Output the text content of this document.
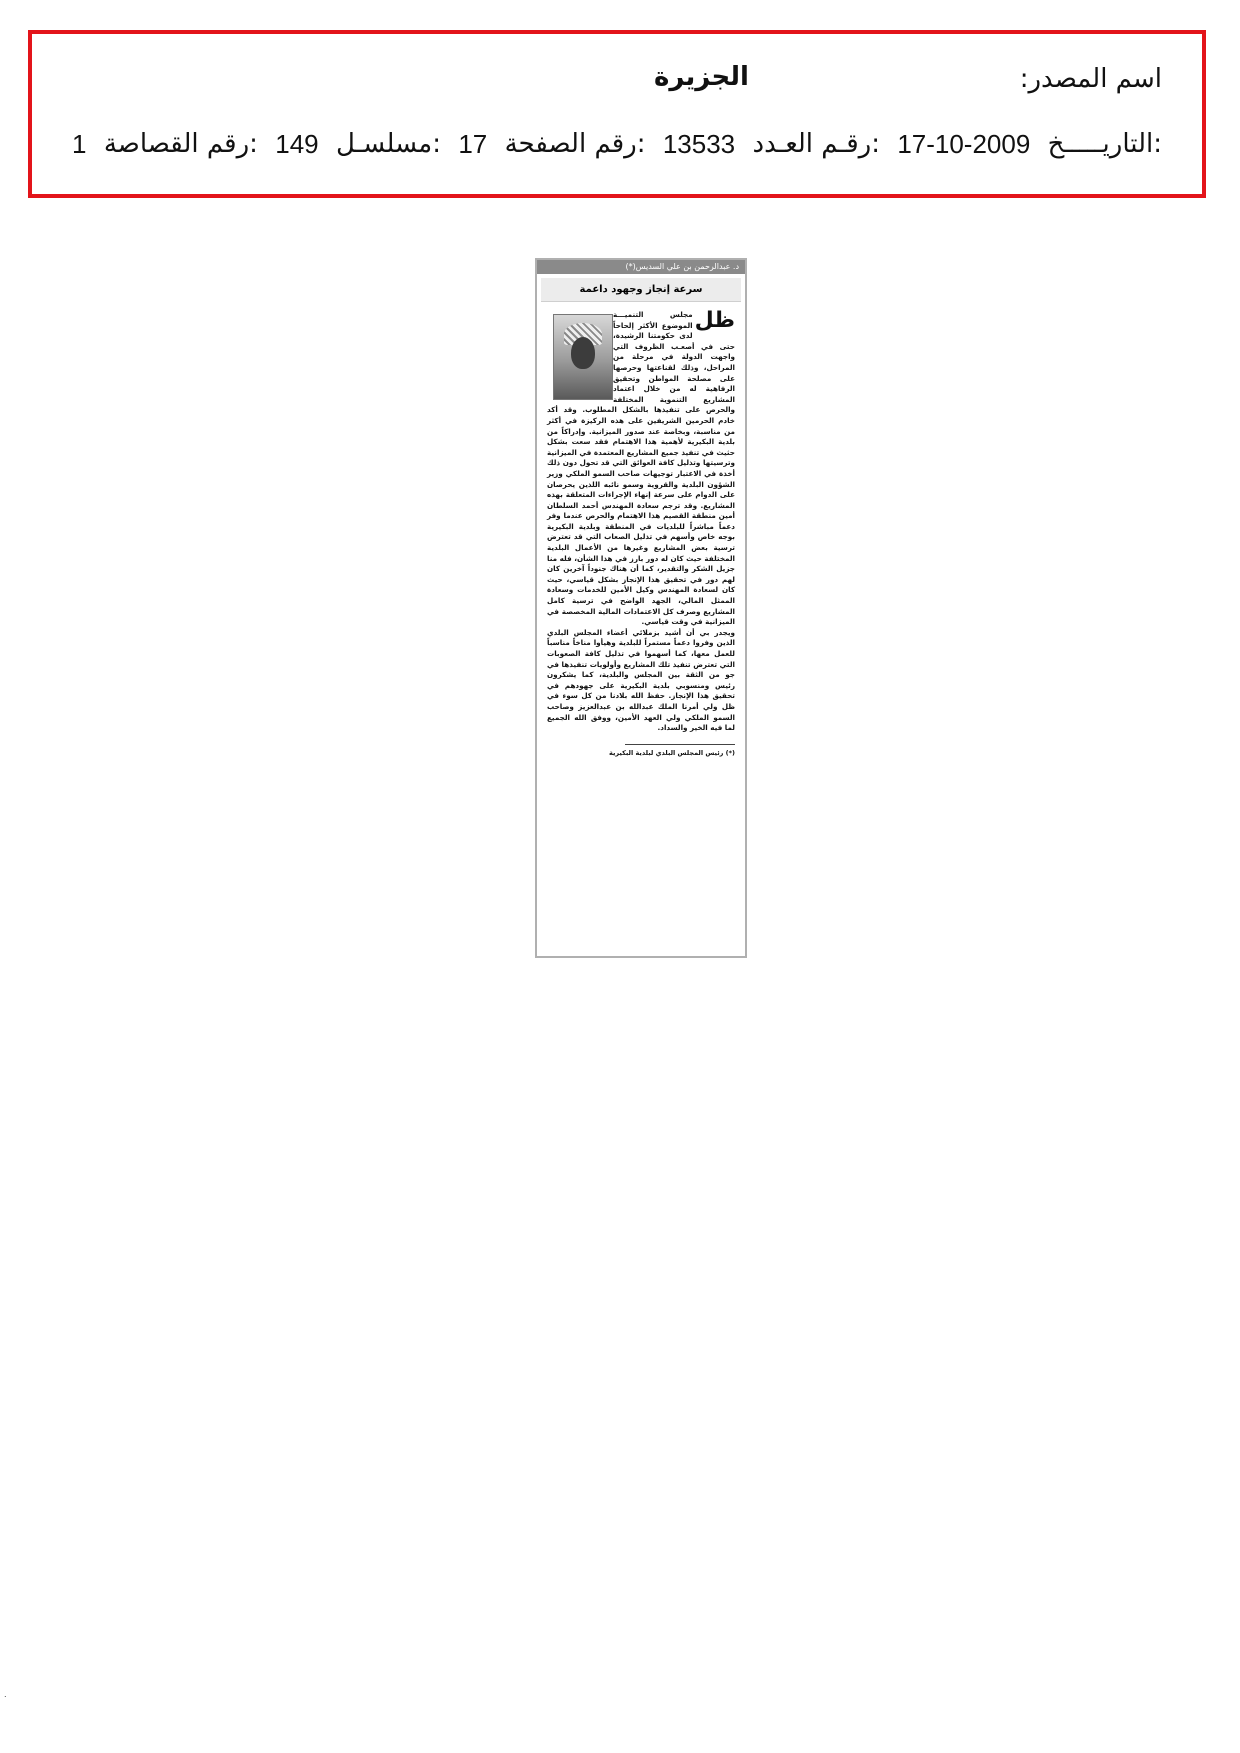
اسم المصدر:
الجزيرة
التاريـــــخ:
17-10-2009
رقـم العـدد:
13533
رقم الصفحة:
17
مسلسـل:
149
رقم القصاصة:
1
د. عبدالرحمن بن علي السديس(*)
سرعة إنجاز وجهود داعمة
ظل

مجلس التنميـــة الموضوع الأكثر إلحاحاً لدى حكومتنا الرشيدة، حتى في أصعـب الظروف التي واجهت الدولة في مرحلة من المراحل، وذلك لقناعتها وحرصها على مصلحة المواطن وتحقيق الرفاهية له من خلال اعتماد المشاريع التنموية المختلفة والحرص على تنفيذها بالشكل المطلوب. وقد أكد خادم الحرمين الشريفين على هذه الركيزة في أكثر من مناسبة، وبخاصة عند صدور الميزانية. وإدراكاً من بلدية البكيرية لأهمية هذا الاهتمام فقد سعت بشكل حثيث في تنفيذ جميع المشاريع المعتمدة في الميزانية وترسيتها وتذليل كافة العوائق التي قد تحول دون ذلك أخذة في الاعتبار توجيهات صاحب السمو الملكي وزير الشؤون البلدية والقروية وسمو نائبه اللذين يحرصان على الدوام على سرعة إنهاء الإجراءات المتعلقة بهذه المشاريع. وقد ترجم سعادة المهندس أحمد السلطان أمين منطقة القصيم هذا الاهتمام والحرص عندما وفر دعماً مباشراً للبلديات في المنطقة وبلدية البكيرية بوجه خاص وأسهم في تذليل الصعاب التي قد تعترض ترسية بعض المشاريع وغيرها من الأعمال البلدية المختلفة حيث كان له دور بارز في هذا الشأن، فله منا جزيل الشكر والتقدير، كما أن هناك جنوداً آخرين كان لهم دور في تحقيق هذا الإنجاز بشكل قياسي، حيث كان لسعادة المهندس وكيل الأمين للخدمات وسعادة الممثل المالي، الجهد الواضح في ترسية كامل المشاريع وصرف كل الاعتمادات المالية المخصصة في الميزانية في وقت قياسي.

ويجدر بي أن أشيد بزملائي أعضاء المجلس البلدي الذين وفروا دعماً مستمراً للبلدية وهيأوا مناخاً مناسباً للعمل معها، كما أسهموا في تذليل كافة الصعوبات التي تعترض تنفيذ تلك المشاريع وأولويات تنفيذها في جو من الثقة بين المجلس والبلدية، كما يشكرون رئيس ومنسوبي بلدية البكيرية على جهودهم في تحقيق هذا الإنجاز. حفظ الله بلادنا من كل سوء في ظل ولي أمرنا الملك عبدالله بن عبدالعزيز وصاحب السمو الملكي ولي العهد الأمين، ووفق الله الجميع لما فيه الخير والسداد.

(*) رئيس المجلس البلدي لبلدية البكيرية
.
